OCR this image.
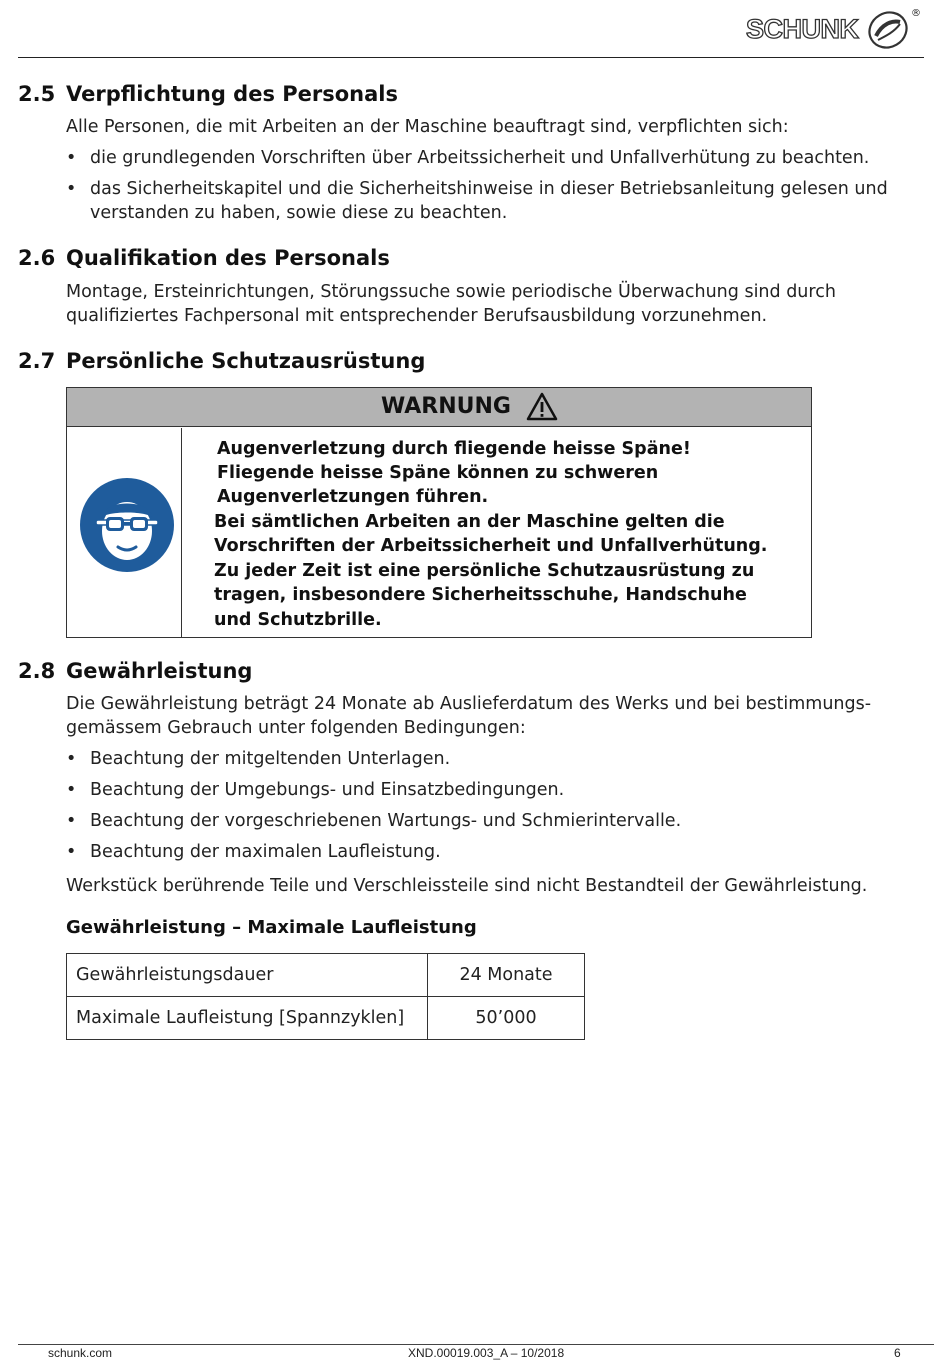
SCHUNK
®
2.5 Verpflichtung des Personals

Alle Personen, die mit Arbeiten an der Maschine beauftragt sind, verpflichten sich:

• die grundlegenden Vorschriften über Arbeitssicherheit und Unfallverhütung zu beachten.
• das Sicherheitskapitel und die Sicherheitshinweise in dieser Betriebsanleitung gelesen und
verstanden zu haben, sowie diese zu beachten.
2.6 Qualifikation des Personals

Montage, Ersteinrichtungen, Störungssuche sowie periodische Überwachung sind durch

qualifiziertes Fachpersonal mit entsprechender Berufsausbildung vorzunehmen.

2.7 Persönliche Schutzausrüstung
WARNUNG
Augenverletzung durch fliegende heisse Späne!
Fliegende heisse Späne können zu schweren
Augenverletzungen führen.
Bei sämtlichen Arbeiten an der Maschine gelten die
Vorschriften der Arbeitssicherheit und Unfallverhütung.
Zu jeder Zeit ist eine persönliche Schutzausrüstung zu
tragen, insbesondere Sicherheitsschuhe, Handschuhe
und Schutzbrille.
2.8 Gewährleistung

Die Gewährleistung beträgt 24 Monate ab Auslieferdatum des Werks und bei bestimmungs-

gemässem Gebrauch unter folgenden Bedingungen:

• Beachtung der mitgeltenden Unterlagen.
• Beachtung der Umgebungs- und Einsatzbedingungen.
• Beachtung der vorgeschriebenen Wartungs- und Schmierintervalle.
• Beachtung der maximalen Laufleistung.

Werkstück berührende Teile und Verschleissteile sind nicht Bestandteil der Gewährleistung.

Gewährleistung – Maximale Laufleistung
Gewährleistungsdauer	24 Monate
Maximale Laufleistung [Spannzyklen]	50’000
schunk.com	XND.00019.003_A – 10/2018	6
